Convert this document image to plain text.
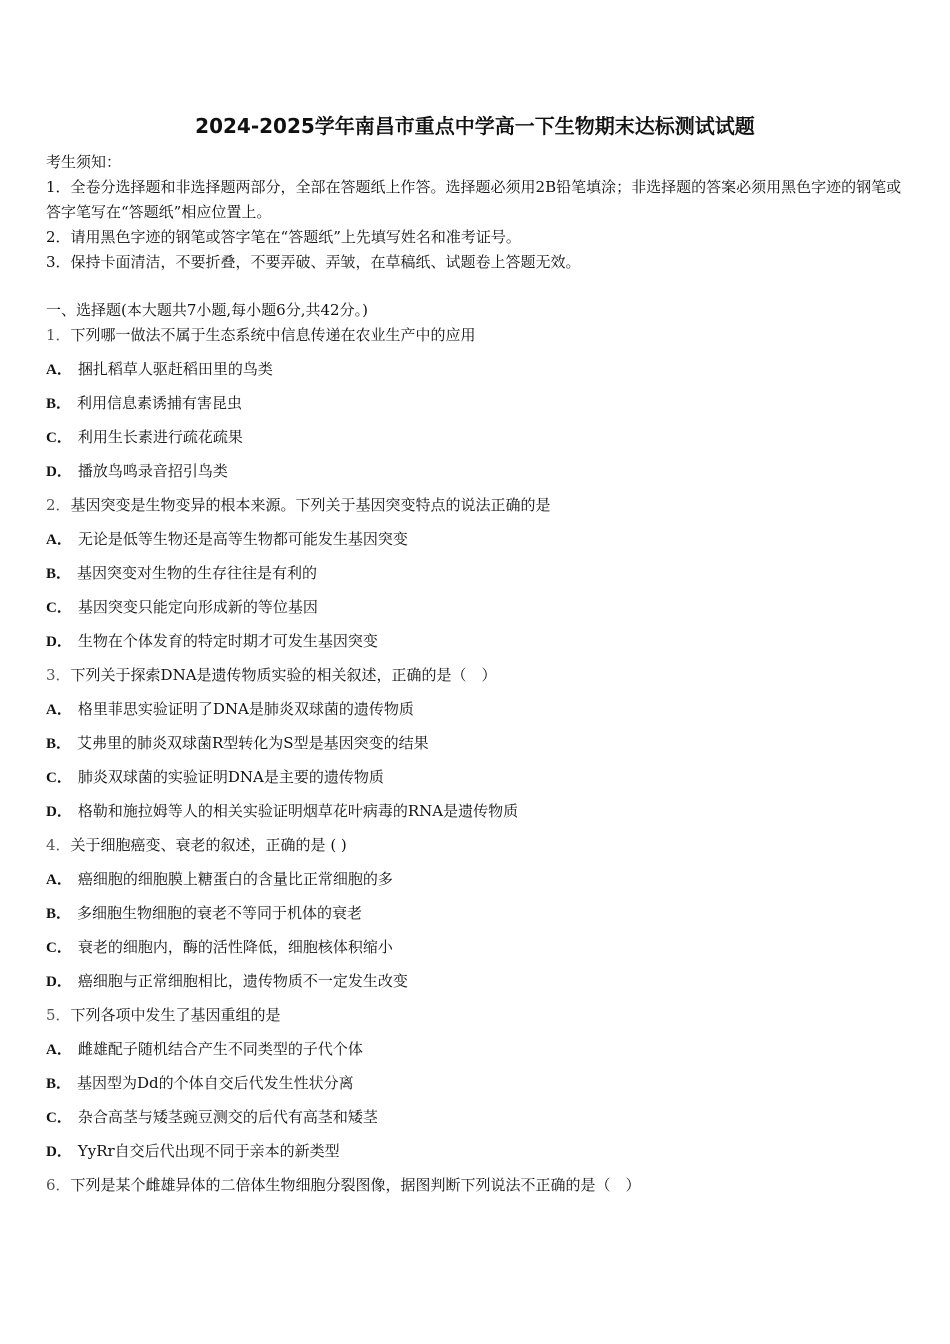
2024-2025学年南昌市重点中学高一下生物期末达标测试试题
考生须知：
1．全卷分选择题和非选择题两部分，全部在答题纸上作答。选择题必须用2B铅笔填涂；非选择题的答案必须用黑色字迹的钢笔或答字笔写在“答题纸”相应位置上。
2．请用黑色字迹的钢笔或答字笔在“答题纸”上先填写姓名和准考证号。
3．保持卡面清洁，不要折叠，不要弄破、弄皱，在草稿纸、试题卷上答题无效。
一、选择题(本大题共7小题,每小题6分,共42分。)
1．下列哪一做法不属于生态系统中信息传递在农业生产中的应用
A． 捆扎稻草人驱赶稻田里的鸟类
B． 利用信息素诱捕有害昆虫
C． 利用生长素进行疏花疏果
D． 播放鸟鸣录音招引鸟类
2．基因突变是生物变异的根本来源。下列关于基因突变特点的说法正确的是
A． 无论是低等生物还是高等生物都可能发生基因突变
B． 基因突变对生物的生存往往是有利的
C． 基因突变只能定向形成新的等位基因
D． 生物在个体发育的特定时期才可发生基因突变
3．下列关于探索DNA是遗传物质实验的相关叙述，正确的是（　）
A． 格里菲思实验证明了DNA是肺炎双球菌的遗传物质
B． 艾弗里的肺炎双球菌R型转化为S型是基因突变的结果
C． 肺炎双球菌的实验证明DNA是主要的遗传物质
D． 格勒和施拉姆等人的相关实验证明烟草花叶病毒的RNA是遗传物质
4．关于细胞癌变、衰老的叙述，正确的是 ( )
A． 癌细胞的细胞膜上糖蛋白的含量比正常细胞的多
B． 多细胞生物细胞的衰老不等同于机体的衰老
C． 衰老的细胞内，酶的活性降低，细胞核体积缩小
D． 癌细胞与正常细胞相比，遗传物质不一定发生改变
5．下列各项中发生了基因重组的是
A． 雌雄配子随机结合产生不同类型的子代个体
B． 基因型为Dd的个体自交后代发生性状分离
C． 杂合高茎与矮茎豌豆测交的后代有高茎和矮茎
D． YyRr自交后代出现不同于亲本的新类型
6．下列是某个雌雄异体的二倍体生物细胞分裂图像，据图判断下列说法不正确的是（　）
